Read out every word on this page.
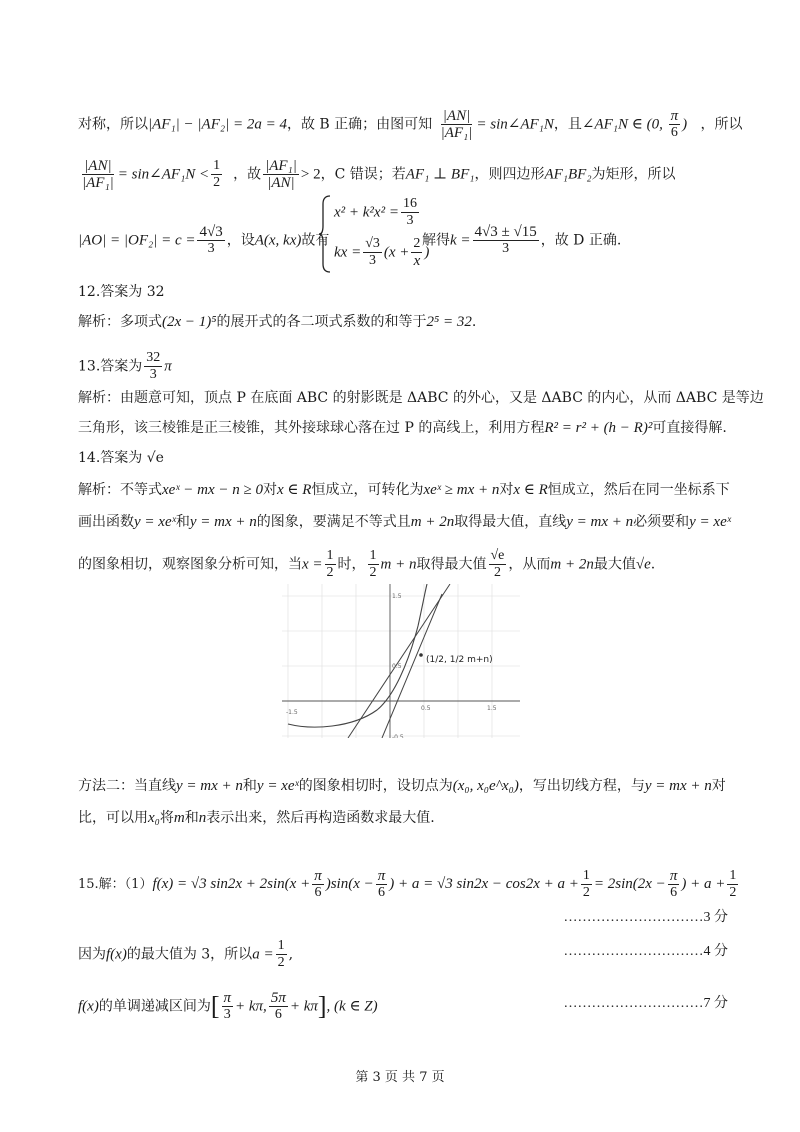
对称，所以|AF₁| − |AF₂| = 2a = 4，故 B 正确；由图可知 $\frac{|AN|}{\text{|AF₁|}}$ = sin∠AF₁N，且∠AF₁N ∈ (0, $\frac{\pi}{6}$ ) ，所以
$\frac{|AN|}{\text{|AF₁|}}$ = sin∠AF₁N < $\frac{1}{2}$ ，故 $\frac{\text{|AF₁|}}{|AN|} > 2$，C 错误；若AF₁ ⊥ BF₁，则四边形AF₁BF₂为矩形，所以
$|AO| = |OF_2| = c = \frac{4√3}{3}$ ，设A(x, kx)故有
$x^2 + k^2x^2 = \frac{16}{3}$
kx = $\frac{√3}{3} (x + \frac{2}{x}$ )
解得$k = \frac{4√3 \pm √15}{3}$ ，故 D 正确.
12.答案为 32
解析：多项式(2x − 1)⁵的展开式的各二项式系数的和等于2⁵ = 32.
13.答案为 $\frac{32}{3}$ π
解析：由题意可知，顶点 P 在底面 ABC 的射影既是 ΔABC 的外心，又是 ΔABC 的内心，从而 ΔABC 是等边
三角形，该三棱锥是正三棱锥，其外接球球心落在过 P 的高线上，利用方程R² = r² + (h − R)²可直接得解.
14.答案为 √e
解析：不等式xeˣ − mx − n ≥ 0对x ∈ R恒成立，可转化为xeˣ ≥ mx + n对x ∈ R恒成立，然后在同一坐标系下
画出函数y = xeˣ和y = mx + n的图象，要满足不等式且m + 2n取得最大值，直线y = mx + n必须要和y = xeˣ
的图象相切，观察图象分析可知，当$x = \frac{1}{2}$ 时， $\frac{1}{2}$ m + n取得最大值 $\frac{√e}{2}$ ，从而m + 2n最大值√e.
-1.5
0.5	1.5
1.5
0.5
-0.5
(1/2, 1/2 m+n)
方法二：当直线y = mx + n和y = xeˣ的图象相切时，设切点为(x₀, x₀e^x₀)，写出切线方程，与y = mx + n对
比，可以用x₀将m和n表示出来，然后再构造函数求最大值.
15.解：（1）f(x) = √3 $\sin 2x + 2\sin(x + \frac{\pi}{6} )\sin(x - \frac{\pi}{6}$ ) + a = √3 $\sin 2x - \cos 2x + a + \frac{1}{2} = 2\sin(2x - \frac{\pi}{6}$ ) + $a + \frac{1}{2}$
…………………………3 分
因为f(x)的最大值为 3，所以$a = \frac{1}{2}$ ,	…………………………4 分
f(x)的单调递减区间为[ $\frac{\pi}{3} + k\pi$, $\frac{5\pi}{6} + k\pi$], (k ∈ Z)	…………………………7 分
第 3 页 共 7 页
